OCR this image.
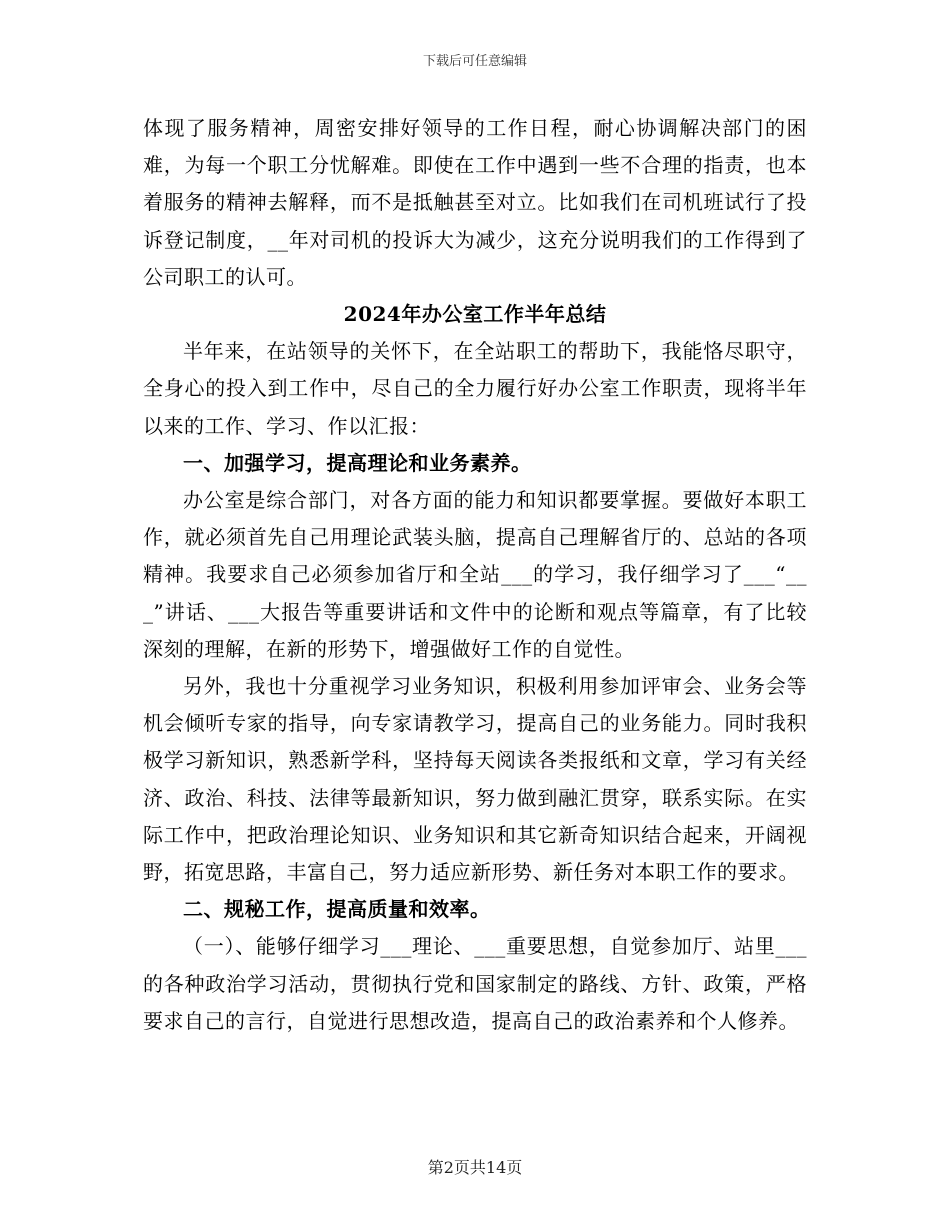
下载后可任意编辑

体现了服务精神，周密安排好领导的工作日程，耐心协调解决部门的困难，为每一个职工分忧解难。即使在工作中遇到一些不合理的指责，也本着服务的精神去解释，而不是抵触甚至对立。比如我们在司机班试行了投诉登记制度，__年对司机的投诉大为减少，这充分说明我们的工作得到了公司职工的认可。

2024年办公室工作半年总结

半年来，在站领导的关怀下，在全站职工的帮助下，我能恪尽职守，全身心的投入到工作中，尽自己的全力履行好办公室工作职责，现将半年以来的工作、学习、作以汇报：

一、加强学习，提高理论和业务素养。

办公室是综合部门，对各方面的能力和知识都要掌握。要做好本职工作，就必须首先自己用理论武装头脑，提高自己理解省厅的、总站的各项精神。我要求自己必须参加省厅和全站___的学习，我仔细学习了___“___”讲话、___大报告等重要讲话和文件中的论断和观点等篇章，有了比较深刻的理解，在新的形势下，增强做好工作的自觉性。

另外，我也十分重视学习业务知识，积极利用参加评审会、业务会等机会倾听专家的指导，向专家请教学习，提高自己的业务能力。同时我积极学习新知识，熟悉新学科，坚持每天阅读各类报纸和文章，学习有关经济、政治、科技、法律等最新知识，努力做到融汇贯穿，联系实际。在实际工作中，把政治理论知识、业务知识和其它新奇知识结合起来，开阔视野，拓宽思路，丰富自己，努力适应新形势、新任务对本职工作的要求。

二、规秘工作，提高质量和效率。

（一）、能够仔细学习___理论、___重要思想，自觉参加厅、站里___的各种政治学习活动，贯彻执行党和国家制定的路线、方针、政策，严格要求自己的言行，自觉进行思想改造，提高自己的政治素养和个人修养。

第2页共14页
